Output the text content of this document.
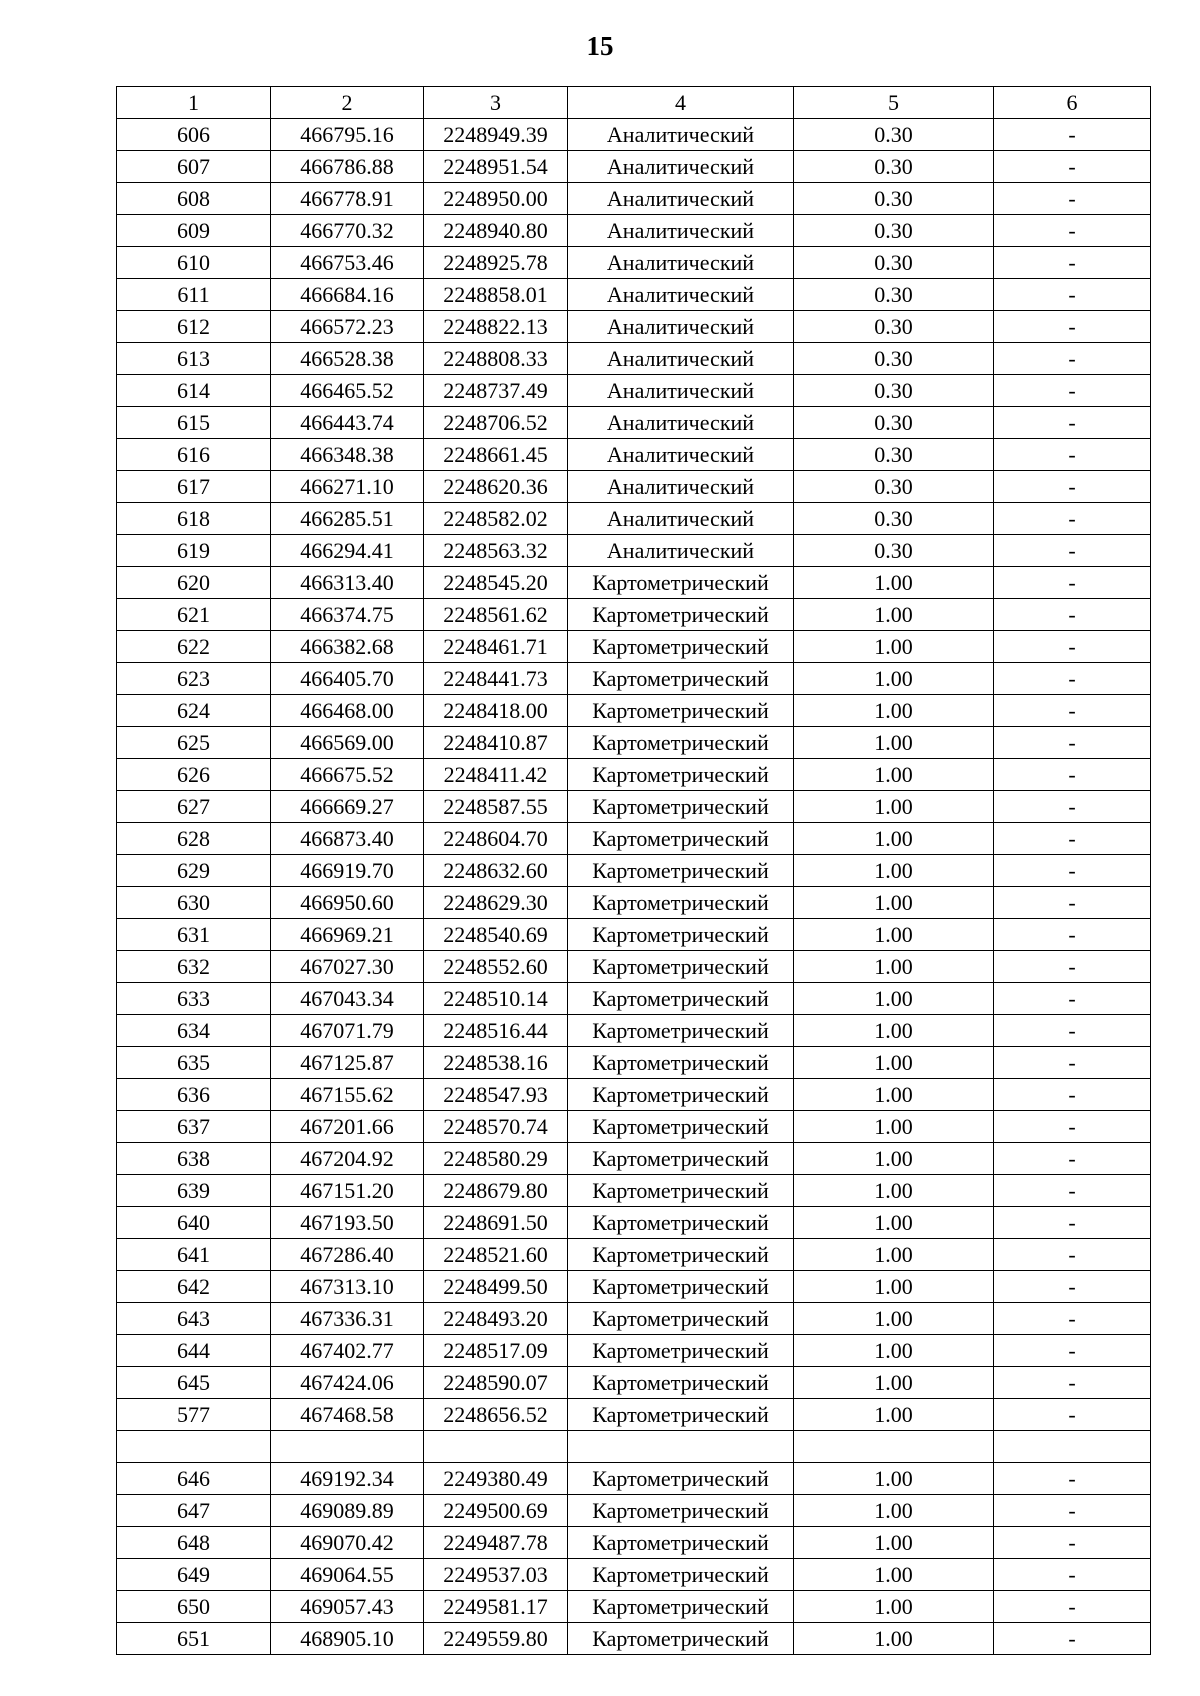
15
1	2	3	4	5	6
606	466795.16	2248949.39	Аналитический	0.30	-
607	466786.88	2248951.54	Аналитический	0.30	-
608	466778.91	2248950.00	Аналитический	0.30	-
609	466770.32	2248940.80	Аналитический	0.30	-
610	466753.46	2248925.78	Аналитический	0.30	-
611	466684.16	2248858.01	Аналитический	0.30	-
612	466572.23	2248822.13	Аналитический	0.30	-
613	466528.38	2248808.33	Аналитический	0.30	-
614	466465.52	2248737.49	Аналитический	0.30	-
615	466443.74	2248706.52	Аналитический	0.30	-
616	466348.38	2248661.45	Аналитический	0.30	-
617	466271.10	2248620.36	Аналитический	0.30	-
618	466285.51	2248582.02	Аналитический	0.30	-
619	466294.41	2248563.32	Аналитический	0.30	-
620	466313.40	2248545.20	Картометрический	1.00	-
621	466374.75	2248561.62	Картометрический	1.00	-
622	466382.68	2248461.71	Картометрический	1.00	-
623	466405.70	2248441.73	Картометрический	1.00	-
624	466468.00	2248418.00	Картометрический	1.00	-
625	466569.00	2248410.87	Картометрический	1.00	-
626	466675.52	2248411.42	Картометрический	1.00	-
627	466669.27	2248587.55	Картометрический	1.00	-
628	466873.40	2248604.70	Картометрический	1.00	-
629	466919.70	2248632.60	Картометрический	1.00	-
630	466950.60	2248629.30	Картометрический	1.00	-
631	466969.21	2248540.69	Картометрический	1.00	-
632	467027.30	2248552.60	Картометрический	1.00	-
633	467043.34	2248510.14	Картометрический	1.00	-
634	467071.79	2248516.44	Картометрический	1.00	-
635	467125.87	2248538.16	Картометрический	1.00	-
636	467155.62	2248547.93	Картометрический	1.00	-
637	467201.66	2248570.74	Картометрический	1.00	-
638	467204.92	2248580.29	Картометрический	1.00	-
639	467151.20	2248679.80	Картометрический	1.00	-
640	467193.50	2248691.50	Картометрический	1.00	-
641	467286.40	2248521.60	Картометрический	1.00	-
642	467313.10	2248499.50	Картометрический	1.00	-
643	467336.31	2248493.20	Картометрический	1.00	-
644	467402.77	2248517.09	Картометрический	1.00	-
645	467424.06	2248590.07	Картометрический	1.00	-
577	467468.58	2248656.52	Картометрический	1.00	-

646	469192.34	2249380.49	Картометрический	1.00	-
647	469089.89	2249500.69	Картометрический	1.00	-
648	469070.42	2249487.78	Картометрический	1.00	-
649	469064.55	2249537.03	Картометрический	1.00	-
650	469057.43	2249581.17	Картометрический	1.00	-
651	468905.10	2249559.80	Картометрический	1.00	-
